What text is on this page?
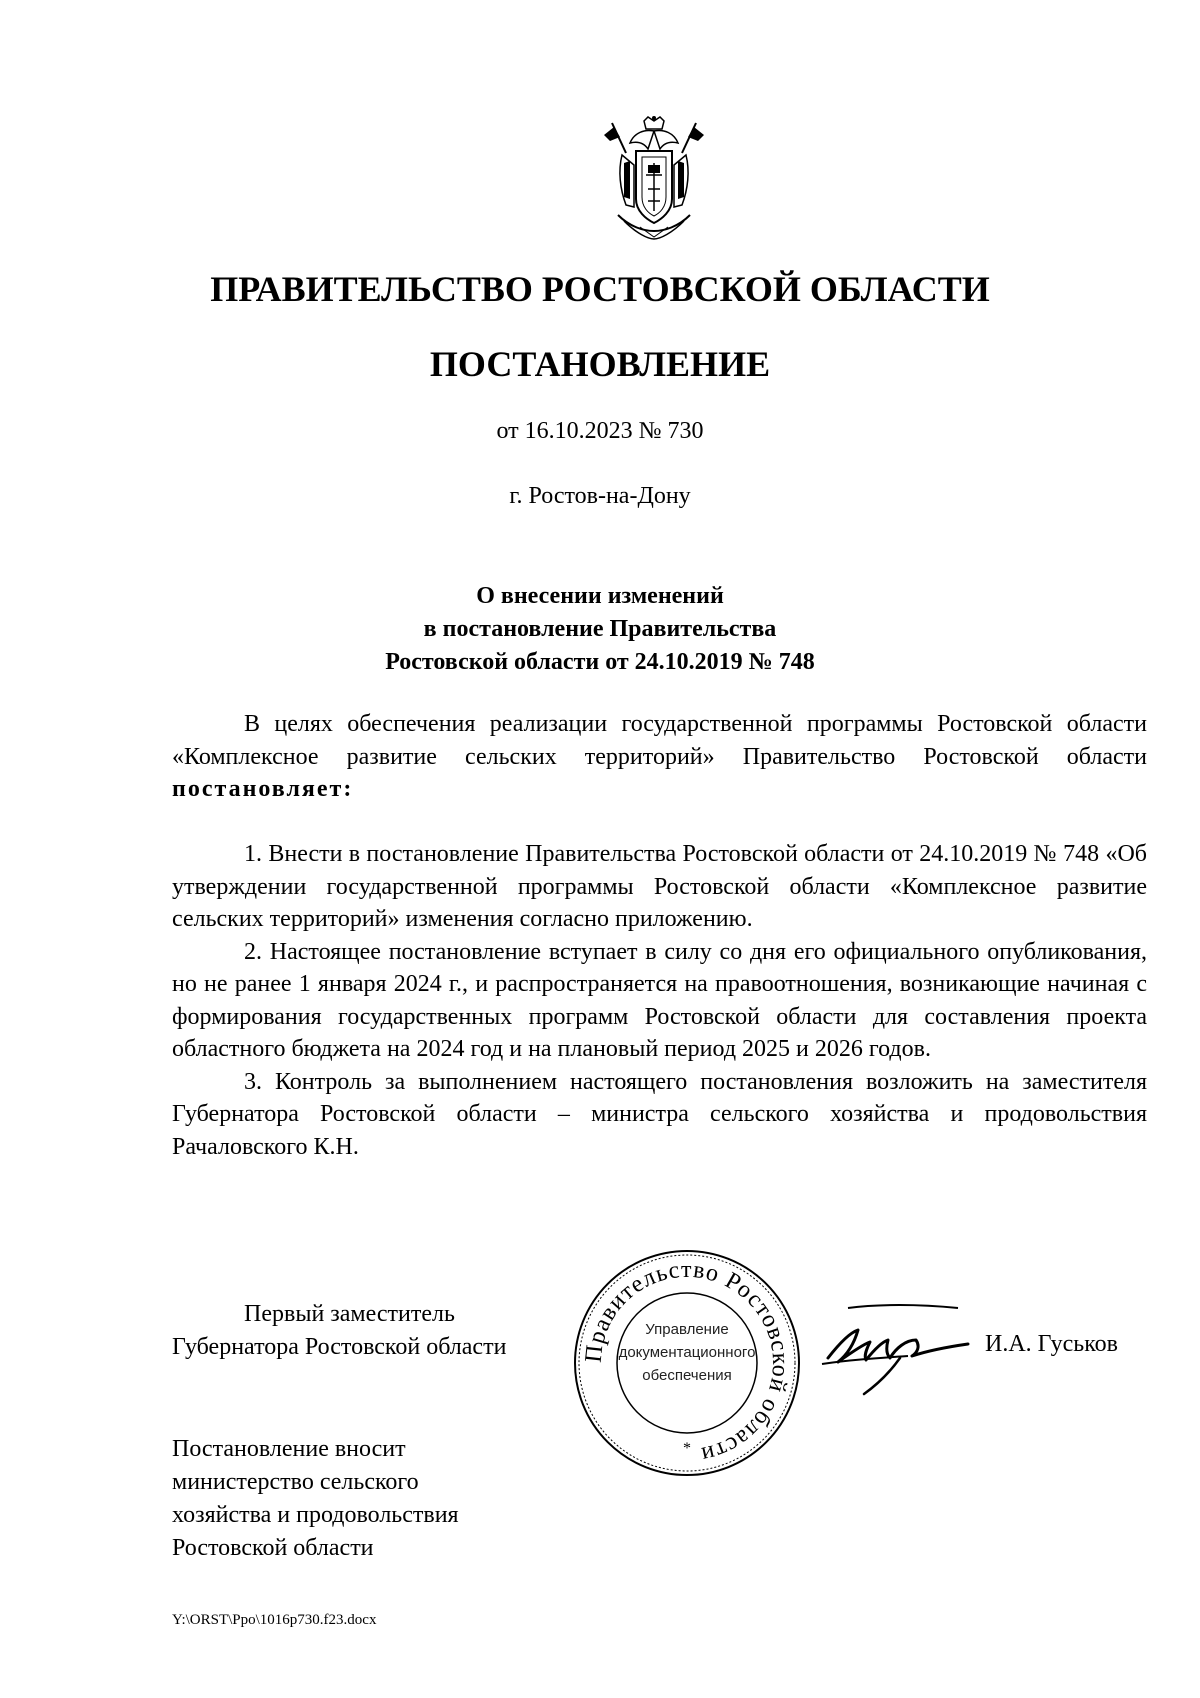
ПРАВИТЕЛЬСТВО РОСТОВСКОЙ ОБЛАСТИ
ПОСТАНОВЛЕНИЕ
от 16.10.2023 № 730
г. Ростов-на-Дону
О внесении изменений
в постановление Правительства
Ростовской области от 24.10.2019 № 748

В целях обеспечения реализации государственной программы Ростовской области «Комплексное развитие сельских территорий» Правительство Ростовской области постановляет:

1. Внести в постановление Правительства Ростовской области от 24.10.2019 № 748 «Об утверждении государственной программы Ростовской области «Комплексное развитие сельских территорий» изменения согласно приложению.

2. Настоящее постановление вступает в силу со дня его официального опубликования, но не ранее 1 января 2024 г., и распространяется на правоотношения, возникающие начиная с формирования государственных программ Ростовской области для составления проекта областного бюджета на 2024 год и на плановый период 2025 и 2026 годов.

3. Контроль за выполнением настоящего постановления возложить на заместителя Губернатора Ростовской области – министра сельского хозяйства и продовольствия Рачаловского К.Н.

Первый заместитель
Губернатора Ростовской области	Правительство Ростовской области
*
Управление
документационного
обеспечения
И.А. Гуськов
Постановление вносит
министерство сельского
хозяйства и продовольствия
Ростовской области
Y:\ORST\Ppo\1016p730.f23.docx
